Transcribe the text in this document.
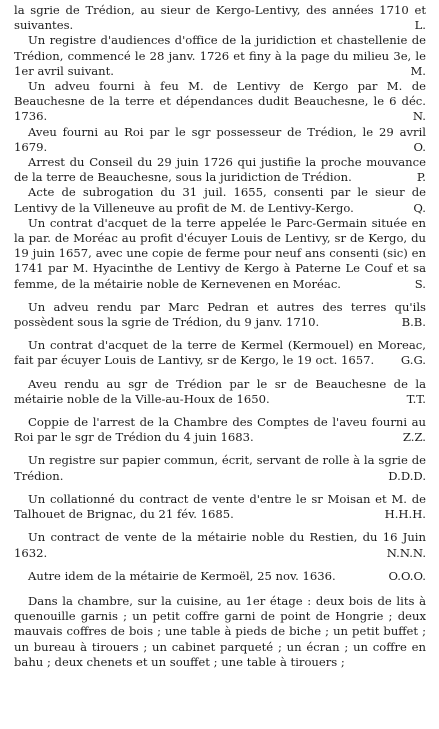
la sgrie de Trédion, au sieur de Kergo-Lentivy, des années 1710 et suivantes.	L.

Un registre d'audiences d'office de la juridiction et chastellenie de Trédion, commencé le 28 janv. 1726 et finy à la page du milieu 3e, le 1er avril suivant.	M.

Un adveu fourni à feu M. de Lentivy de Kergo par M. de Beauchesne de la terre et dépendances dudit Beauchesne, le 6 déc. 1736.	N.

Aveu fourni au Roi par le sgr possesseur de Trédion, le 29 avril 1679.	O.

Arrest du Conseil du 29 juin 1726 qui justifie la proche mouvance de la terre de Beauchesne, sous la juridiction de Trédion.	P.

Acte de subrogation du 31 juil. 1655, consenti par le sieur de Lentivy de la Villeneuve au profit de M. de Lentivy-Kergo.	Q.

Un contrat d'acquet de la terre appelée le Parc-Germain située en la par. de Moréac au profit d'écuyer Louis de Lentivy, sr de Kergo, du 19 juin 1657, avec une copie de ferme pour neuf ans consenti (sic) en 1741 par M. Hyacinthe de Lentivy de Kergo à Paterne Le Couf et sa femme, de la métairie noble de Kernevenen en Moréac.	S.

Un adveu rendu par Marc Pedran et autres des terres qu'ils possèdent sous la sgrie de Trédion, du 9 janv. 1710.	B.B.

Un contrat d'acquet de la terre de Kermel (Kermouel) en Moreac, fait par écuyer Louis de Lantivy, sr de Kergo, le 19 oct. 1657.	G.G.

Aveu rendu au sgr de Trédion par le sr de Beauchesne de la métairie noble de la Ville-au-Houx de 1650.	T.T.

Coppie de l'arrest de la Chambre des Comptes de l'aveu fourni au Roi par le sgr de Trédion du 4 juin 1683.	Z.Z.

Un registre sur papier commun, écrit, servant de rolle à la sgrie de Trédion.	D.D.D.

Un collationné du contract de vente d'entre le sr Moisan et M. de Talhouet de Brignac, du 21 fév. 1685.	H.H.H.

Un contract de vente de la métairie noble du Restien, du 16 Juin 1632.	N.N.N.

Autre idem de la métairie de Kermoël, 25 nov. 1636.	O.O.O.

Dans la chambre, sur la cuisine, au 1er étage : deux bois de lits à quenouille garnis ; un petit coffre garni de point de Hongrie ; deux mauvais coffres de bois ; une table à pieds de biche ; un petit buffet ; un bureau à tirouers ; un cabinet parqueté ; un écran ; un coffre en bahu ; deux chenets et un souffet ; une table à tirouers ;
